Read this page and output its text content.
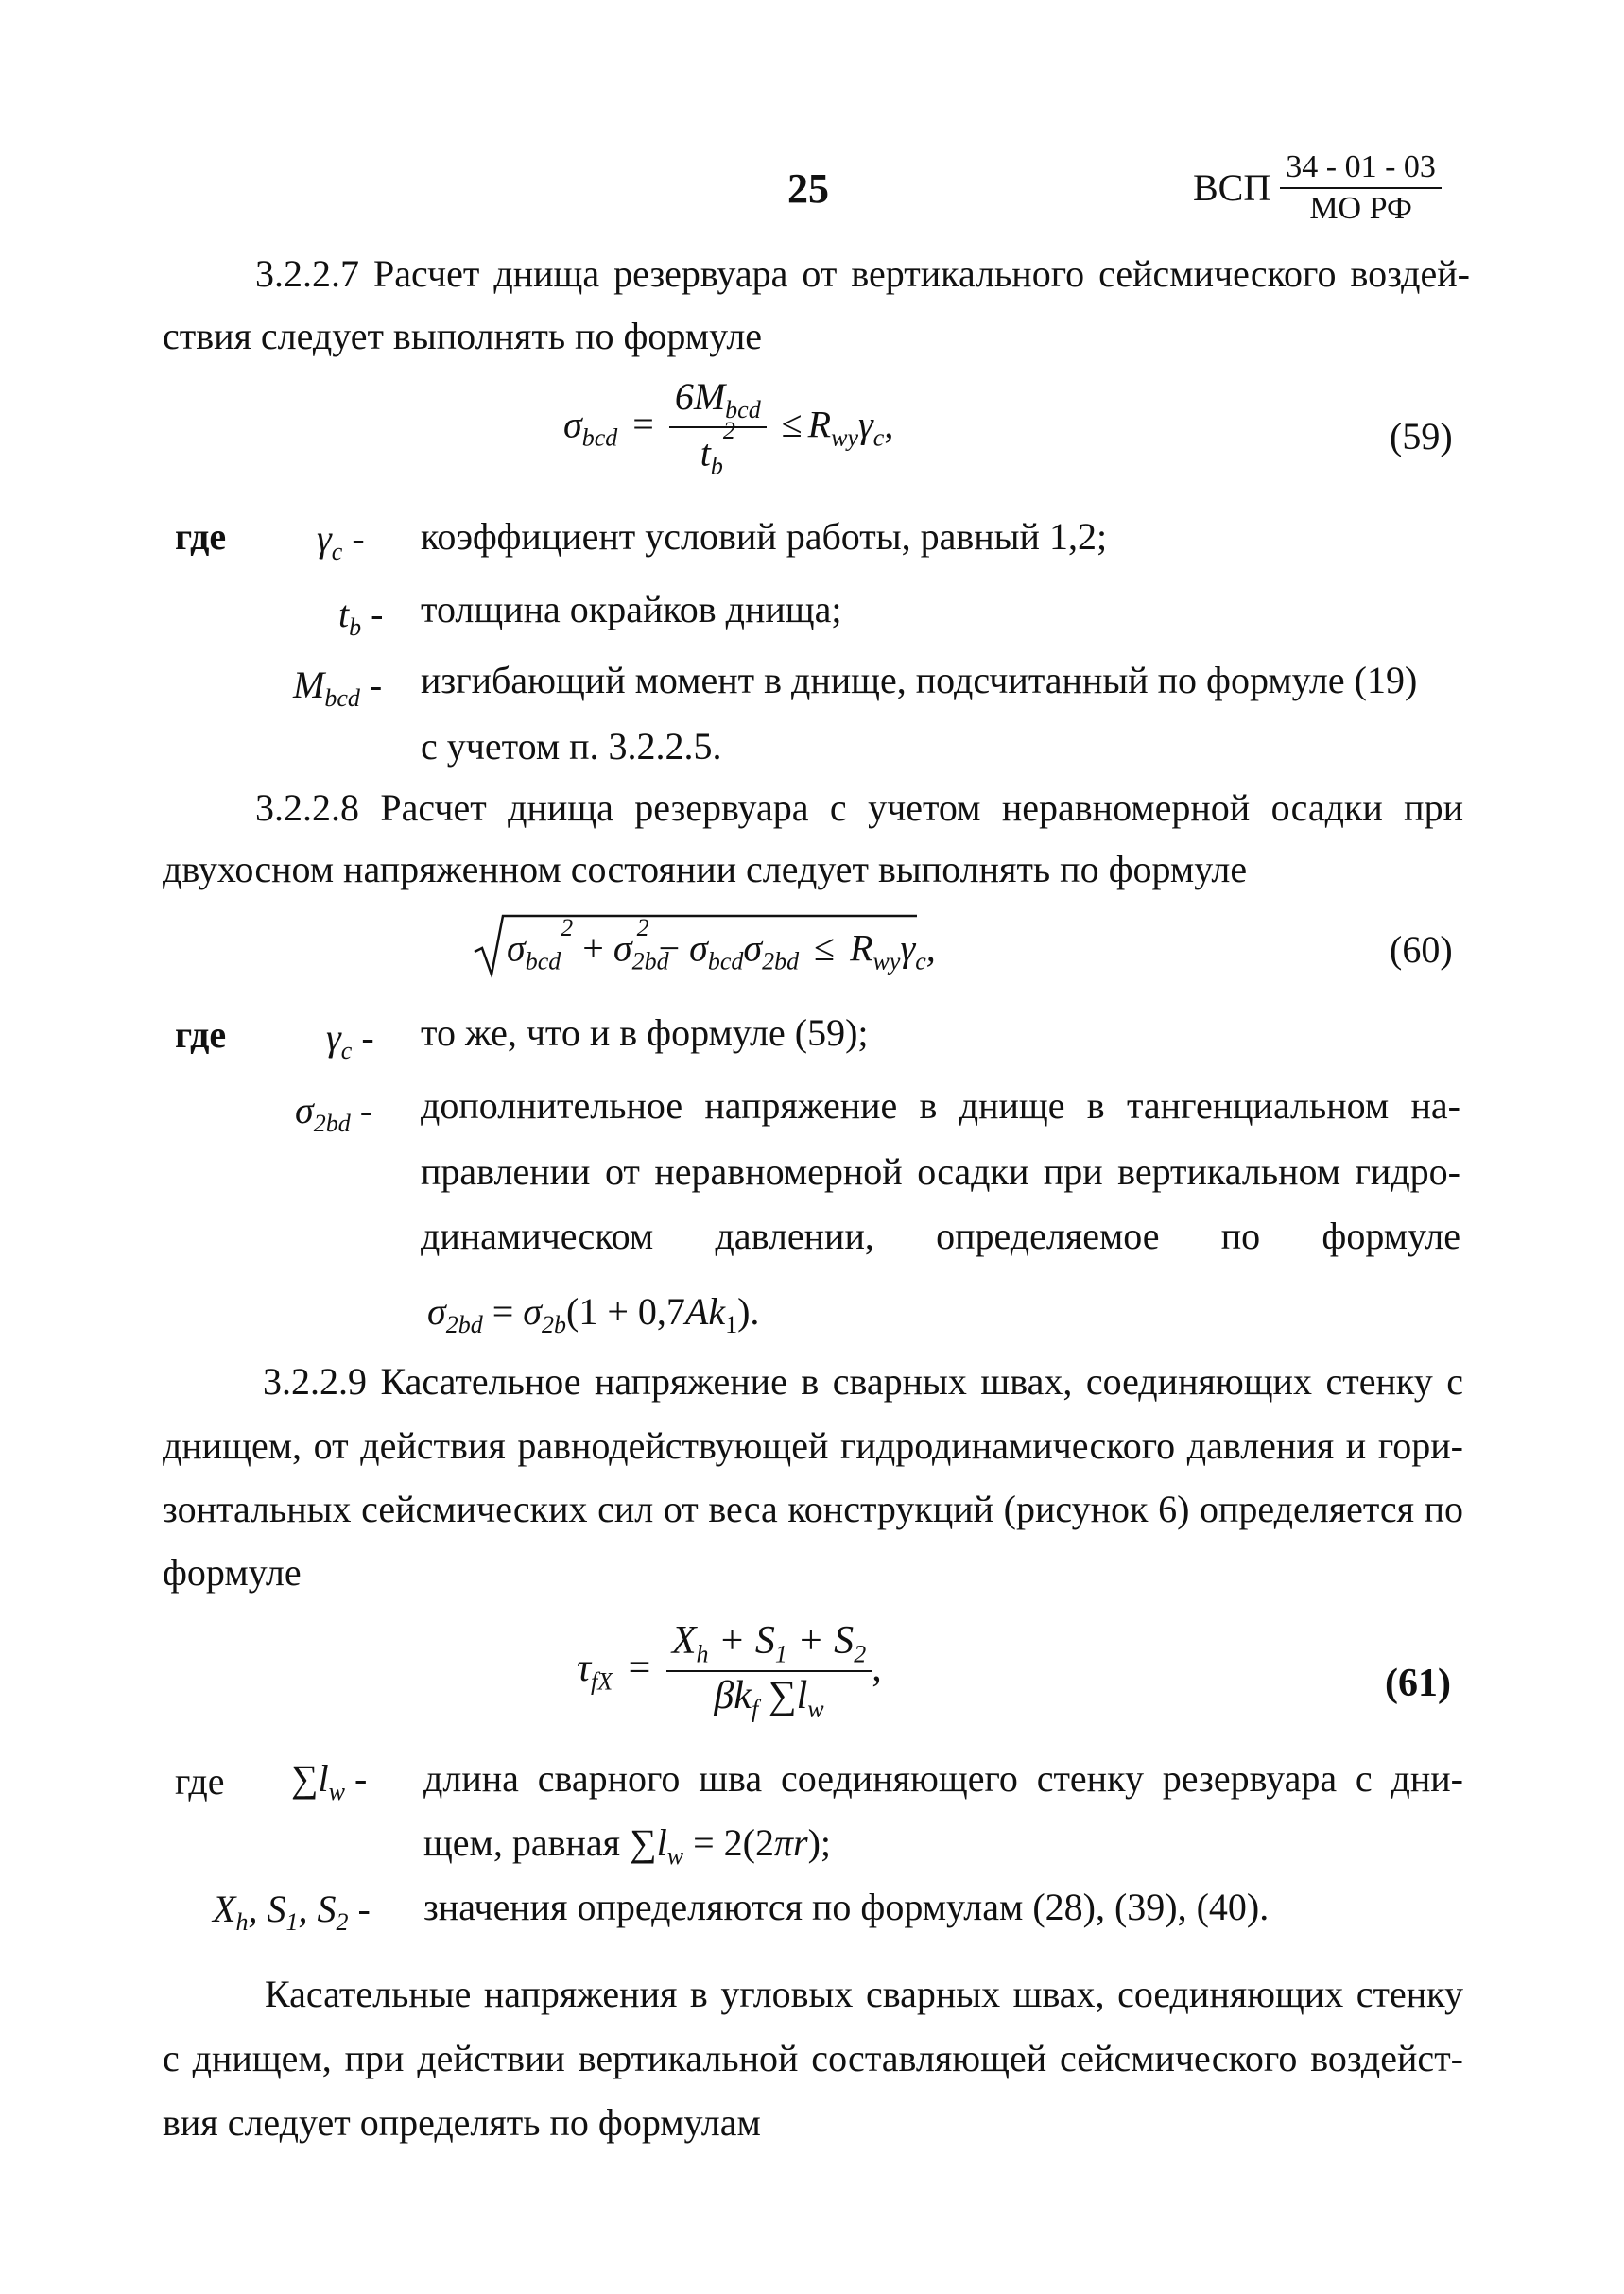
25	ВСП $\frac{34 - 01 - 03}{\text{МО РФ}}$
3.2.2.7 Расчет днища резервуара от вертикального сейсмического воздей-
ствия следует выполнять по формуле
$\sigma_{bcd} = \frac{6M_{bcd}}{t_b^2} \le R_{wy}\gamma_c$,	(59)
где $\gamma_c$ - коэффициент условий работы, равный 1,2;
$t_b$ - толщина окрайков днища;
$M_{bcd}$ - изгибающий момент в днище, подсчитанный по формуле (19)
с учетом п. 3.2.2.5.
3.2.2.8 Расчет днища резервуара с учетом неравномерной осадки при
двухосном напряженном состоянии следует выполнять по формуле
$\sigma_{bcd}^2 + \sigma_{2bd}^2 - \sigma_{bcd}\sigma_{2bd} \le R_{wy}\gamma_c$,	(60)
где	$\gamma_c$ - то же, что и в формуле (59);
$\sigma_{2bd}$ - дополнительное напряжение в днище в тангенциальном на-
правлении от неравномерной осадки при вертикальном гидро-
динамическом давлении, определяемое по формуле
$\sigma_{2bd} = \sigma_{2b}(1 + 0,7Ak_1)$.
3.2.2.9 Касательное напряжение в сварных швах, соединяющих стенку с
днищем, от действия равнодействующей гидродинамического давления и гори-
зонтальных сейсмических сил от веса конструкций (рисунок 6) определяется по
формуле
$\tau_{fX} = \frac{X_h + S_1 + S_2}{\beta k_f \sum l_w}$ ,	(61)
где $\sum l_w$ - длина сварного шва соединяющего стенку резервуара с дни-
щем, равная $\sum l_w = 2(2\pi r)$;
$X_h$, $S_1$, $S_2$ - значения определяются по формулам (28), (39), (40).
Касательные напряжения в угловых сварных швах, соединяющих стенку
с днищем, при действии вертикальной составляющей сейсмического воздейст-
вия следует определять по формулам
